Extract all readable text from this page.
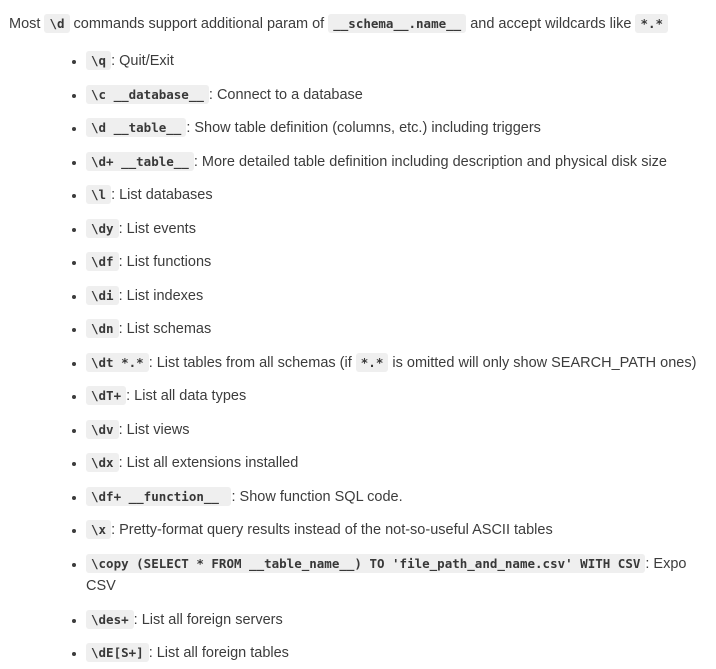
Most \d commands support additional param of __schema__.name__ and accept wildcards like *.*

• \q : Quit/Exit
• \c __database__ : Connect to a database
• \d __table__ : Show table definition (columns, etc.) including triggers
• \d+ __table__ : More detailed table definition including description and physical disk size
• \l : List databases
• \dy : List events
• \df : List functions
• \di : List indexes
• \dn : List schemas
• \dt *.* : List tables from all schemas (if *.* is omitted will only show SEARCH_PATH ones)
• \dT+ : List all data types
• \dv : List views
• \dx : List all extensions installed
• \df+ __function__ : Show function SQL code.
• \x : Pretty-format query results instead of the not-so-useful ASCII tables
• \copy (SELECT * FROM __table_name__) TO 'file_path_and_name.csv' WITH CSV : Expo
CSV
• \des+ : List all foreign servers
• \dE[S+] : List all foreign tables
